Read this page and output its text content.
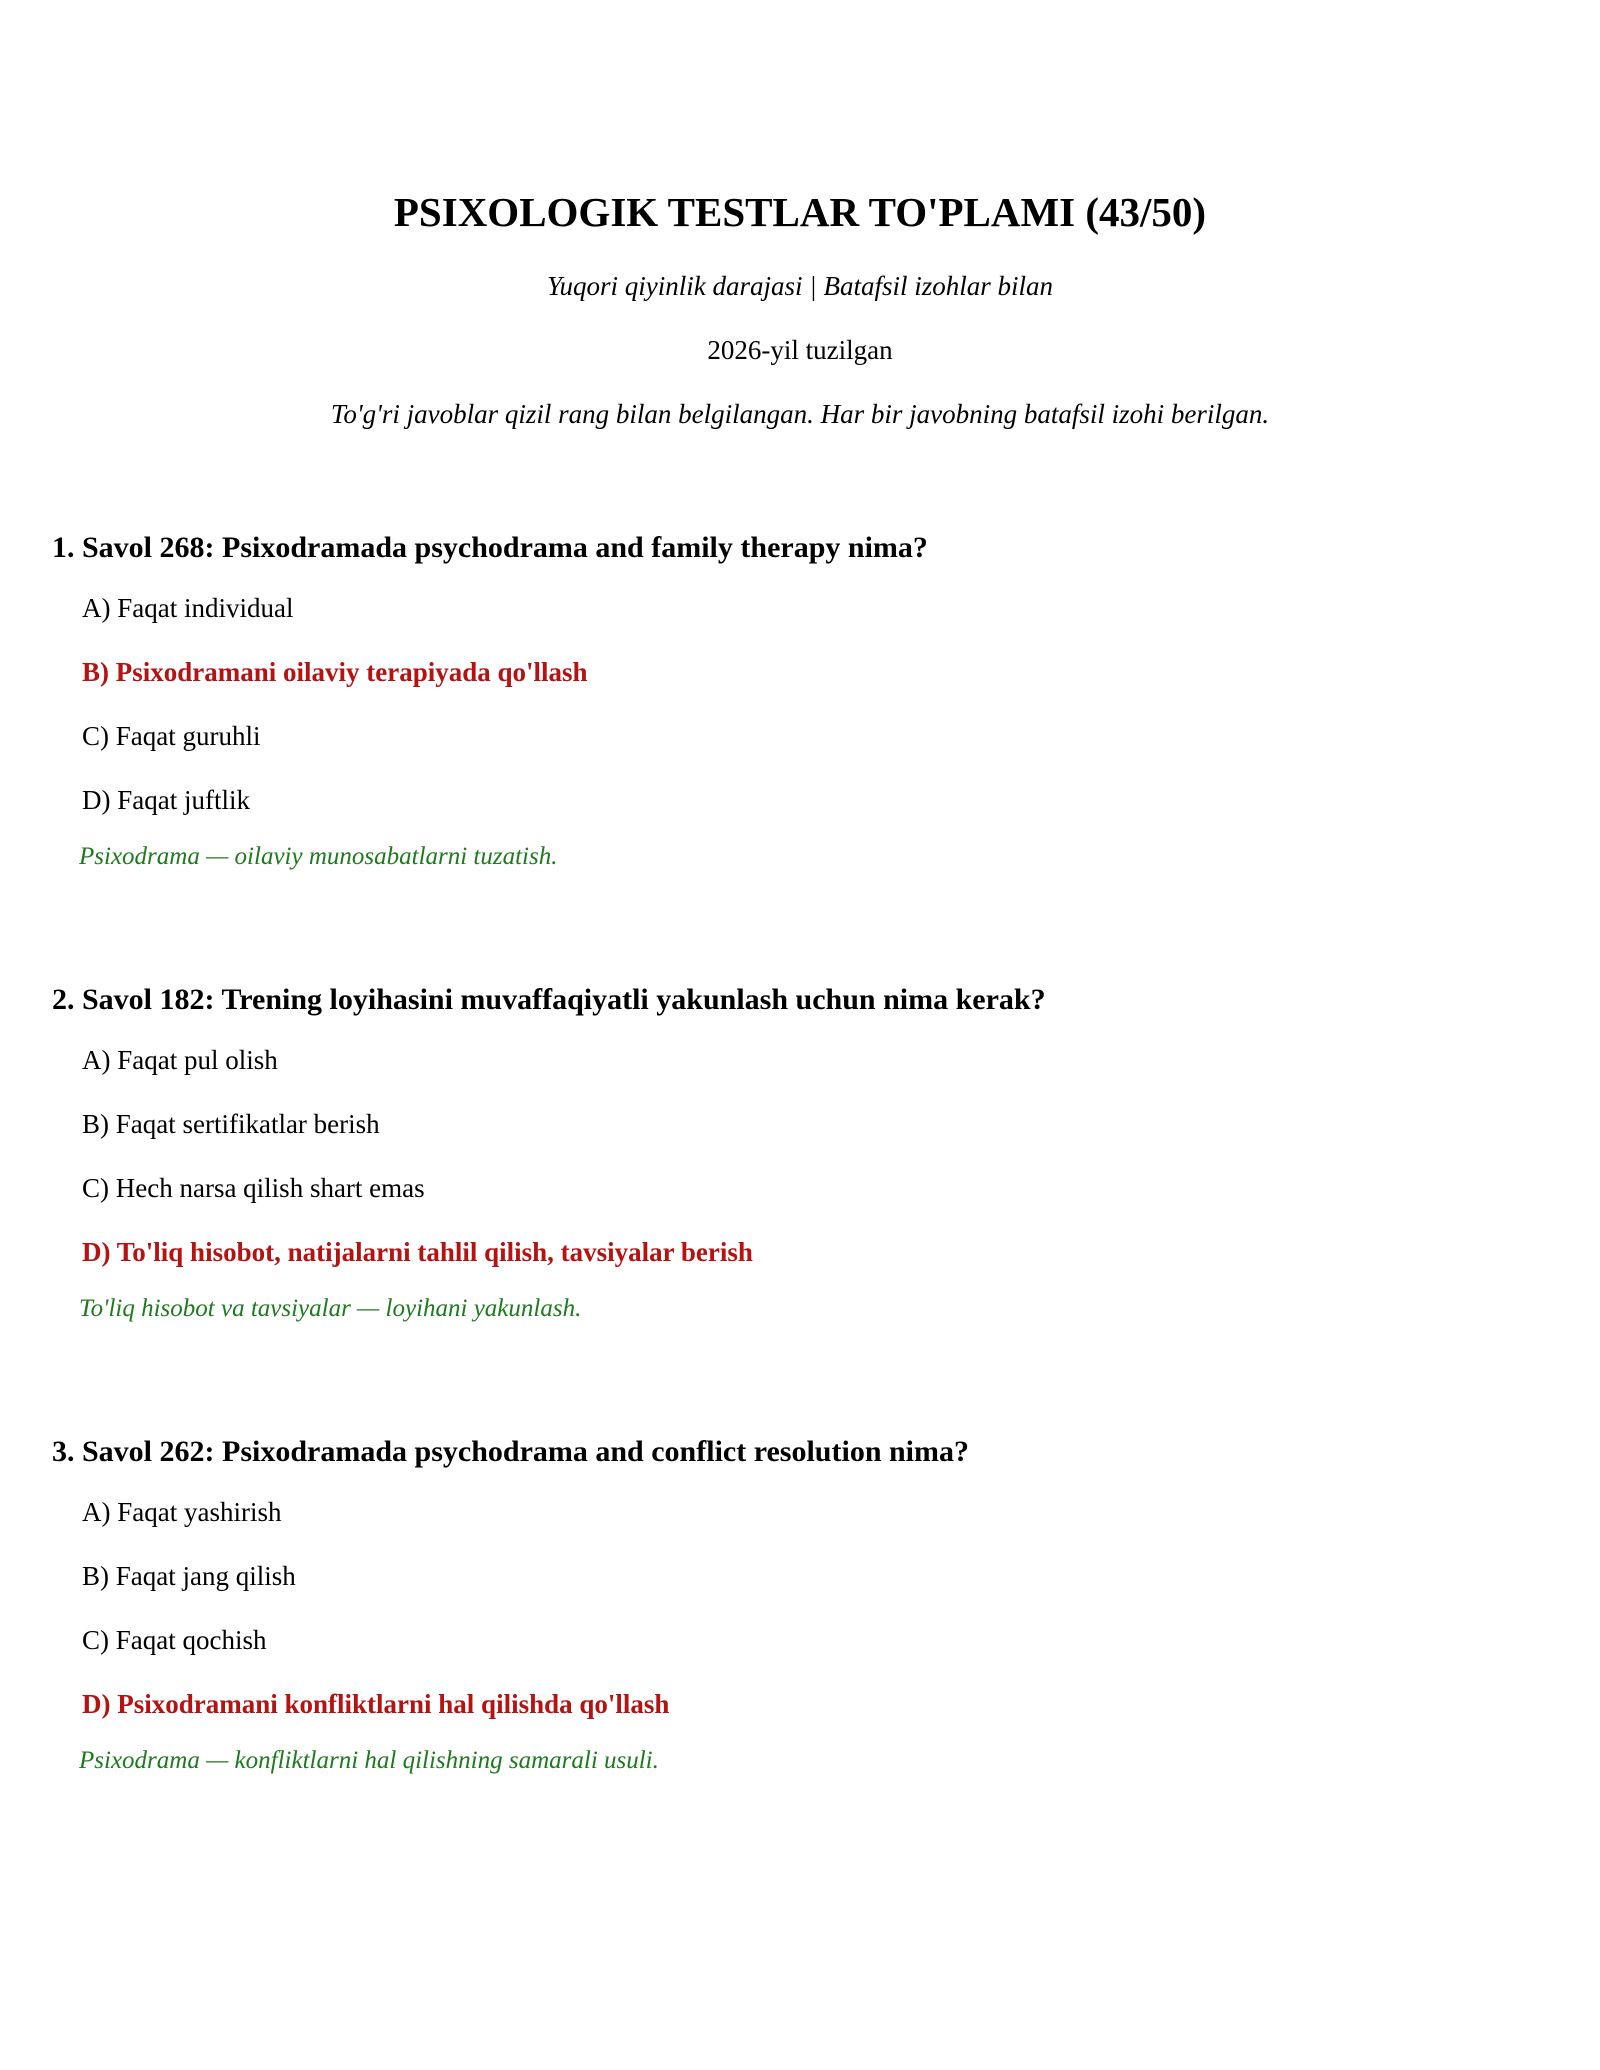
PSIXOLOGIK TESTLAR TO'PLAMI (43/50)
Yuqori qiyinlik darajasi | Batafsil izohlar bilan
2026-yil tuzilgan
To'g'ri javoblar qizil rang bilan belgilangan. Har bir javobning batafsil izohi berilgan.
1. Savol 268: Psixodramada psychodrama and family therapy nima?
A) Faqat individual
B) Psixodramani oilaviy terapiyada qo'llash
C) Faqat guruhli
D) Faqat juftlik
Psixodrama — oilaviy munosabatlarni tuzatish.
2. Savol 182: Trening loyihasini muvaffaqiyatli yakunlash uchun nima kerak?
A) Faqat pul olish
B) Faqat sertifikatlar berish
C) Hech narsa qilish shart emas
D) To'liq hisobot, natijalarni tahlil qilish, tavsiyalar berish
To'liq hisobot va tavsiyalar — loyihani yakunlash.
3. Savol 262: Psixodramada psychodrama and conflict resolution nima?
A) Faqat yashirish
B) Faqat jang qilish
C) Faqat qochish
D) Psixodramani konfliktlarni hal qilishda qo'llash
Psixodrama — konfliktlarni hal qilishning samarali usuli.
